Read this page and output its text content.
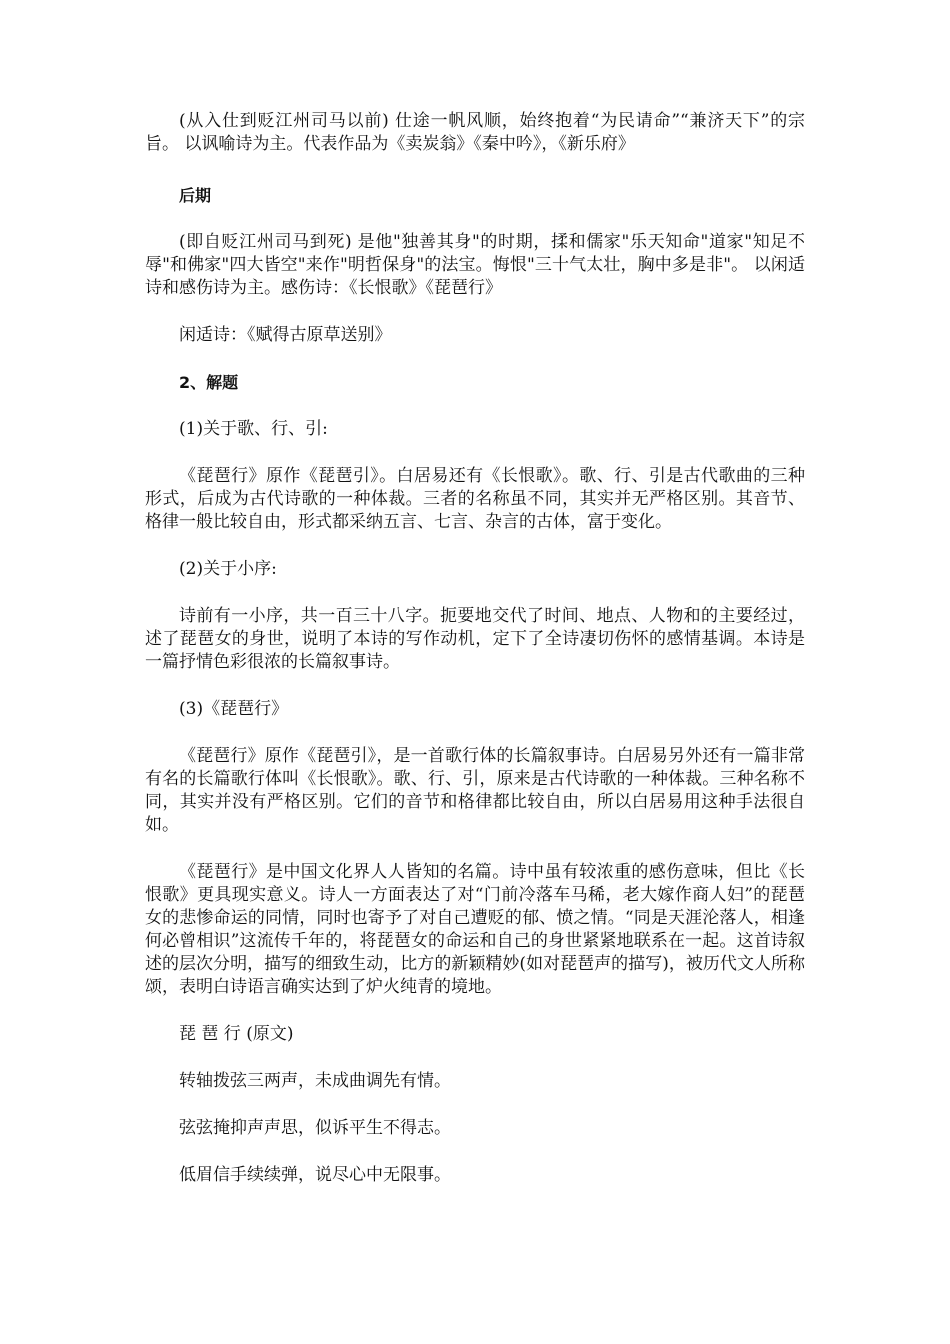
(从入仕到贬江州司马以前) 仕途一帆风顺，始终抱着“为民请命”“兼济天下”的宗旨。 以讽喻诗为主。代表作品为《卖炭翁》《秦中吟》，《新乐府》

后期

(即自贬江州司马到死) 是他"独善其身"的时期，揉和儒家"乐天知命"道家"知足不辱"和佛家"四大皆空"来作"明哲保身"的法宝。悔恨"三十气太壮，胸中多是非"。 以闲适诗和感伤诗为主。感伤诗：《长恨歌》《琵琶行》

闲适诗：《赋得古原草送别》

2、解题

(1)关于歌、行、引:

《琵琶行》原作《琵琶引》。白居易还有《长恨歌》。歌、行、引是古代歌曲的三种形式，后成为古代诗歌的一种体裁。三者的名称虽不同，其实并无严格区别。其音节、格律一般比较自由，形式都采纳五言、七言、杂言的古体，富于变化。

(2)关于小序:

诗前有一小序，共一百三十八字。扼要地交代了时间、地点、人物和的主要经过，述了琵琶女的身世，说明了本诗的写作动机，定下了全诗凄切伤怀的感情基调。本诗是一篇抒情色彩很浓的长篇叙事诗。

(3)《琵琶行》

《琵琶行》原作《琵琶引》，是一首歌行体的长篇叙事诗。白居易另外还有一篇非常有名的长篇歌行体叫《长恨歌》。歌、行、引，原来是古代诗歌的一种体裁。三种名称不同，其实并没有严格区别。它们的音节和格律都比较自由，所以白居易用这种手法很自如。

《琵琶行》是中国文化界人人皆知的名篇。诗中虽有较浓重的感伤意味，但比《长恨歌》更具现实意义。诗人一方面表达了对“门前冷落车马稀，老大嫁作商人妇”的琵琶女的悲惨命运的同情，同时也寄予了对自己遭贬的郁、愤之情。“同是天涯沦落人，相逢何必曾相识”这流传千年的，将琵琶女的命运和自己的身世紧紧地联系在一起。这首诗叙述的层次分明，描写的细致生动，比方的新颖精妙(如对琵琶声的描写)，被历代文人所称颂，表明白诗语言确实达到了炉火纯青的境地。

琵 琶 行 (原文)

转轴拨弦三两声，未成曲调先有情。

弦弦掩抑声声思，似诉平生不得志。

低眉信手续续弹，说尽心中无限事。
